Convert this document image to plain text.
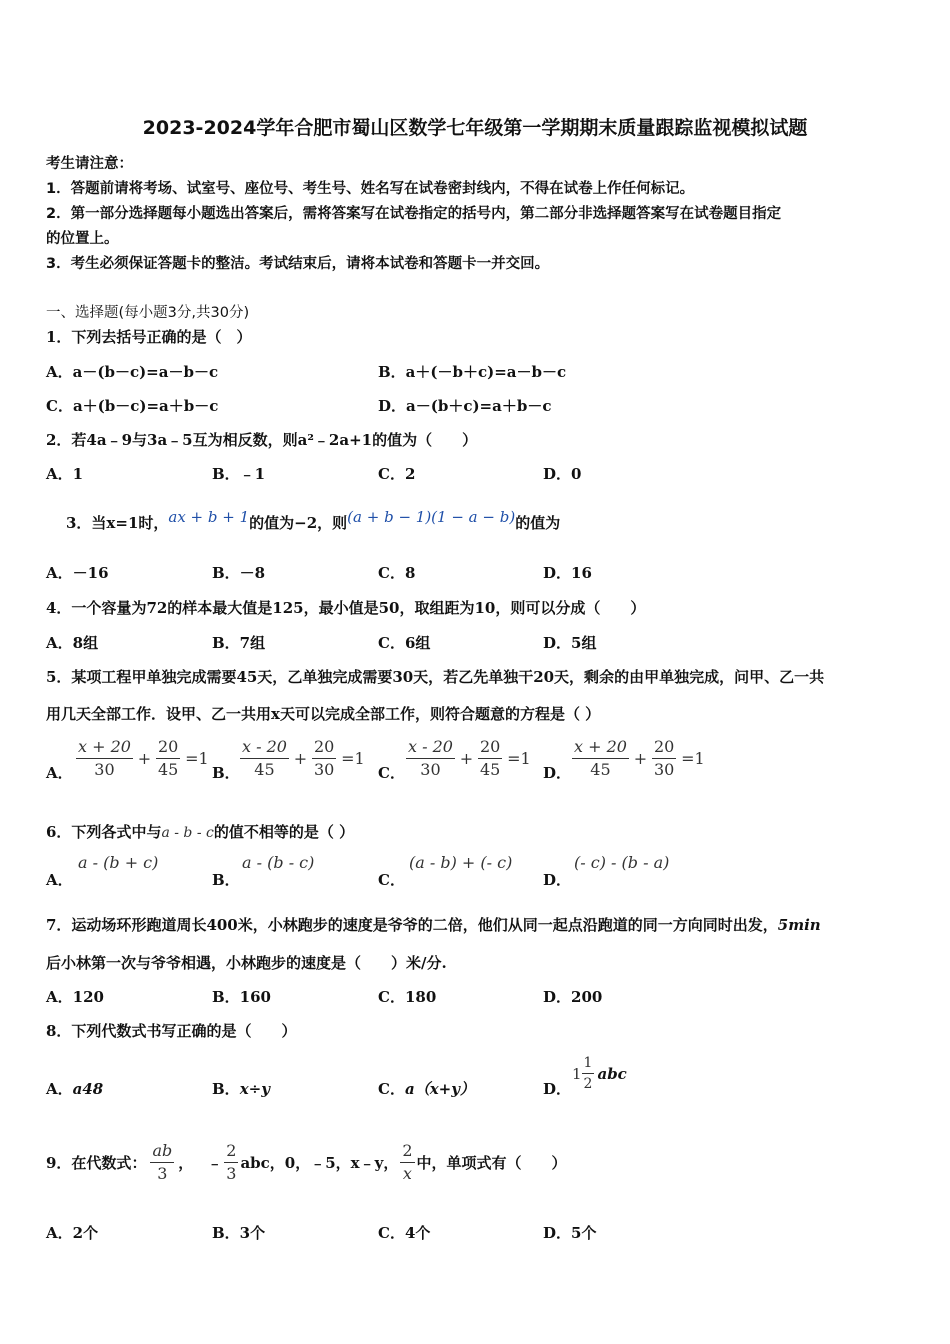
2023-2024学年合肥市蜀山区数学七年级第一学期期末质量跟踪监视模拟试题
考生请注意：
1．答题前请将考场、试室号、座位号、考生号、姓名写在试卷密封线内，不得在试卷上作任何标记。
2．第一部分选择题每小题选出答案后，需将答案写在试卷指定的括号内，第二部分非选择题答案写在试卷题目指定
的位置上。
3．考生必须保证答题卡的整洁。考试结束后，请将本试卷和答题卡一并交回。
一、选择题(每小题3分,共30分)
1．下列去括号正确的是（　）
A．a－(b－c)=a－b－c	B．a＋(－b＋c)=a－b－c
C．a＋(b－c)=a＋b－c	D．a－(b＋c)=a＋b－c
2．若4a﹣9与3a﹣5互为相反数，则a²﹣2a+1的值为（　　）
A．1	B．﹣1	C．2	D．0
3．当x=1时，ax + b + 1的值为−2，则(a + b − 1)(1 − a − b)的值为
A．－16	B．－8	C．8	D．16
4．一个容量为72的样本最大值是125，最小值是50，取组距为10，则可以分成（　　）
A．8组	B．7组	C．6组	D．5组
5．某项工程甲单独完成需要45天，乙单独完成需要30天，若乙先单独干20天，剩余的由甲单独完成，问甲、乙一共
用几天全部工作．设甲、乙一共用x天可以完成全部工作，则符合题意的方程是（ ）
A． $\frac{x + 20}{30} + \frac{20}{45} =1$
B． $\frac{x - 20}{45} + \frac{20}{30} =1$
C． $\frac{x - 20}{30} + \frac{20}{45} =1$
D． $\frac{x + 20}{45} + \frac{20}{30} =1$
6．下列各式中与a - b - c的值不相等的是（ ）
A．
a - (b + c)
B．
a - (b - c)
C．
(a - b) + (- c)
D．
(- c) - (b - a)
7．运动场环形跑道周长400米，小林跑步的速度是爷爷的二倍，他们从同一起点沿跑道的同一方向同时出发，5min
后小林第一次与爷爷相遇，小林跑步的速度是（　　）米/分.
A．120	B．160	C．180	D．200
8．下列代数式书写正确的是（　　）
A．a48	B．x÷y	C．a（x+y）	D．
$1 \frac{1}{2}$ abc
9．在代数式： $\frac{ab}{3}$ ， ﹣ $\frac{2}{3}$ abc，0，﹣5，x﹣y， $\frac{2}{x}$ 中，单项式有（　　）
A．2个	B．3个	C．4个	D．5个
